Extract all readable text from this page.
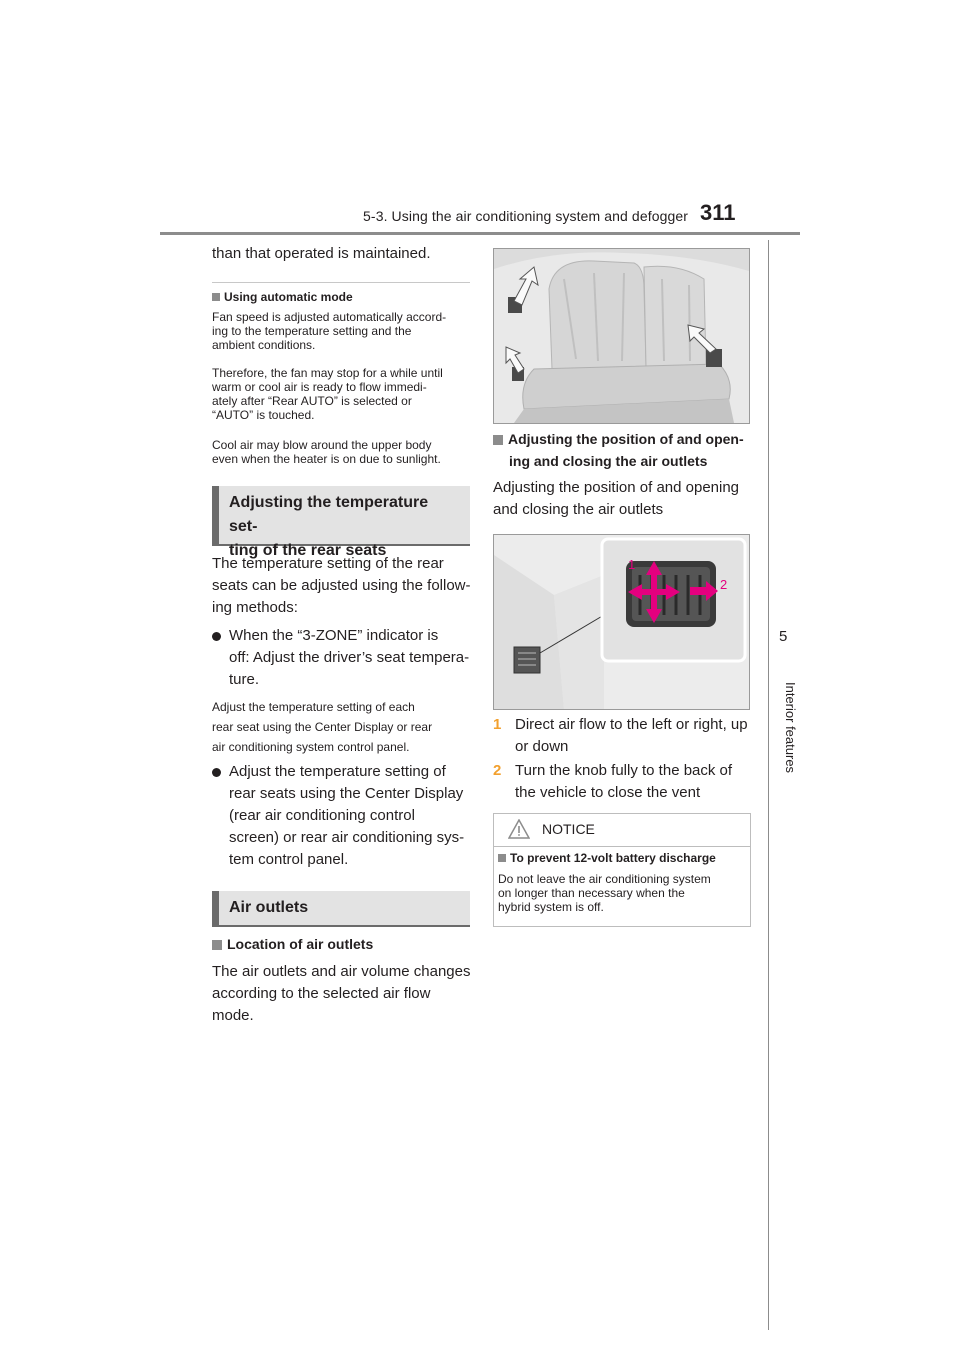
5-3. Using the air conditioning system and defogger 311
5
Interior features
than that operated is maintained.
Using automatic mode
Fan speed is adjusted automatically accord-
ing to the temperature setting and the
ambient conditions.
Therefore, the fan may stop for a while until
warm or cool air is ready to flow immedi-
ately after “Rear AUTO” is selected or
“AUTO” is touched.
Cool air may blow around the upper body
even when the heater is on due to sunlight.
Adjusting the temperature set-
ting of the rear seats
The temperature setting of the rear
seats can be adjusted using the follow-
ing methods:
When the “3-ZONE” indicator is
off: Adjust the driver’s seat tempera-
ture.
Adjust the temperature setting of each
rear seat using the Center Display or rear
air conditioning system control panel.
Adjust the temperature setting of
rear seats using the Center Display
(rear air conditioning control
screen) or rear air conditioning sys-
tem control panel.
Air outlets
Location of air outlets
The air outlets and air volume changes
according to the selected air flow
mode.
Adjusting the position of and open-
ing and closing the air outlets
Adjusting the position of and opening
and closing the air outlets
1
2
1 Direct air flow to the left or right, up
or down
2 Turn the knob fully to the back of
the vehicle to close the vent
NOTICE
To prevent 12-volt battery discharge
Do not leave the air conditioning system
on longer than necessary when the
hybrid system is off.
